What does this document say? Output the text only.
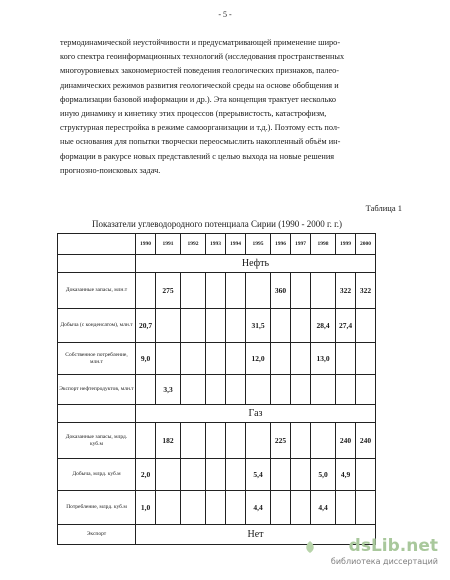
- 5 -

термодинамической неустойчивости и предусматривающей применение широ-

кого спектра геоинформационных технологий (исследования пространственных

многоуровневых закономерностей поведения геологических признаков, палео-

динамических режимов развития геологической среды на основе обобщения и

формализации базовой информации и др.). Эта концепция трактует несколько

иную динамику и кинетику этих процессов (прерывистость, катастрофизм,

структурная перестройка в режиме самоорганизации и т.д.). Поэтому есть пол-

ные основания для попытки творчески переосмыслить накопленный объём ин-

формации в ракурсе новых представлений с целью выхода на новые решения

прогнозно-поисковых задач.

Таблица 1
Показатели углеводородного потенциала Сирии (1990 - 2000 г. г.)
	1990	1991	1992	1993	1994	1995	1996	1997	1998	1999	2000
	Нефть										
Доказанные запасы, млн.т		275					360			322	322
Добыча (с конденсатом), млн.т	20,7					31,5			28,4	27,4	
Собственное потребление, млн.т	9,0					12,0			13,0		
Экспорт нефтепродуктов, млн.т		3,3									
	Газ										
Доказанные запасы, млрд. куб.м		182					225			240	240
Добыча, млрд. куб.м	2,0					5,4			5,0	4,9	
Потребление, млрд. куб.м	1,0					4,4			4,4		
Экспорт	Нет										
dsLib.net
библиотека диссертаций
